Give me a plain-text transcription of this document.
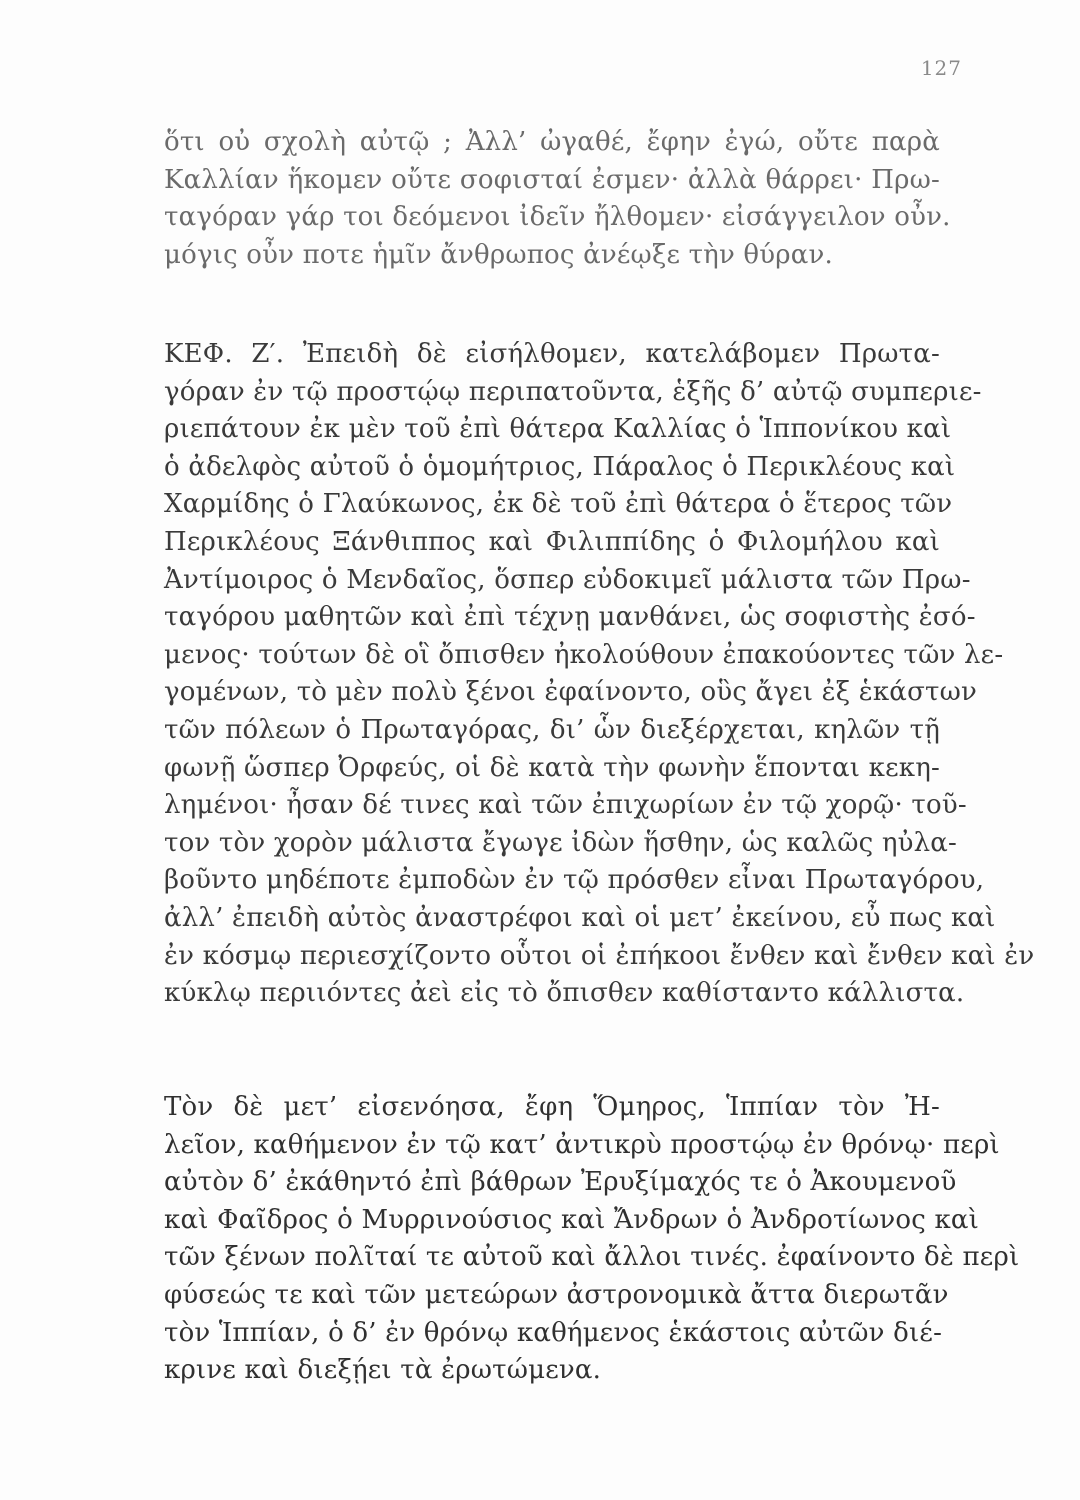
127
ὅτι οὐ σχολὴ αὐτῷ ; Ἀλλ’ ὠγαθέ, ἔφην ἐγώ, οὔτε παρὰ
Καλλίαν ἥκομεν οὔτε σοφισταί ἐσμεν· ἀλλὰ θάρρει· Πρω-
ταγόραν γάρ τοι δεόμενοι ἰδεῖν ἤλθομεν· εἰσάγγειλον οὖν.
μόγις οὖν ποτε ἡμῖν ἄνθρωπος ἀνέῳξε τὴν θύραν.
ΚΕΦ. Ζ′. Ἐπειδὴ δὲ εἰσήλθομεν, κατελάβομεν Πρωτα-
γόραν ἐν τῷ προστῴῳ περιπατοῦντα, ἑξῆς δ’ αὐτῷ συμπεριε-
ριεπάτουν ἐκ μὲν τοῦ ἐπὶ θάτερα Καλλίας ὁ Ἱππονίκου καὶ
ὁ ἀδελφὸς αὐτοῦ ὁ ὁμομήτριος, Πάραλος ὁ Περικλέους καὶ
Χαρμίδης ὁ Γλαύκωνος, ἐκ δὲ τοῦ ἐπὶ θάτερα ὁ ἕτερος τῶν
Περικλέους Ξάνθιππος καὶ Φιλιππίδης ὁ Φιλομήλου καὶ
Ἀντίμοιρος ὁ Μενδαῖος, ὅσπερ εὐδοκιμεῖ μάλιστα τῶν Πρω-
ταγόρου μαθητῶν καὶ ἐπὶ τέχνῃ μανθάνει, ὡς σοφιστὴς ἐσό-
μενος· τούτων δὲ οἳ ὄπισθεν ἠκολούθουν ἐπακούοντες τῶν λε-
γομένων, τὸ μὲν πολὺ ξένοι ἐφαίνοντο, οὓς ἄγει ἐξ ἑκάστων
τῶν πόλεων ὁ Πρωταγόρας, δι’ ὧν διεξέρχεται, κηλῶν τῇ
φωνῇ ὥσπερ Ὀρφεύς, οἱ δὲ κατὰ τὴν φωνὴν ἕπονται κεκη-
λημένοι· ἦσαν δέ τινες καὶ τῶν ἐπιχωρίων ἐν τῷ χορῷ· τοῦ-
τον τὸν χορὸν μάλιστα ἔγωγε ἰδὼν ἥσθην, ὡς καλῶς ηὐλα-
βοῦντο μηδέποτε ἐμποδὼν ἐν τῷ πρόσθεν εἶναι Πρωταγόρου,
ἀλλ’ ἐπειδὴ αὐτὸς ἀναστρέφοι καὶ οἱ μετ’ ἐκείνου, εὖ πως καὶ
ἐν κόσμῳ περιεσχίζοντο οὗτοι οἱ ἐπήκοοι ἔνθεν καὶ ἔνθεν καὶ ἐν
κύκλῳ περιιόντες ἀεὶ εἰς τὸ ὄπισθεν καθίσταντο κάλλιστα.
Τὸν δὲ μετ’ εἰσενόησα, ἔφη Ὅμηρος, Ἱππίαν τὸν Ἠ-
λεῖον, καθήμενον ἐν τῷ κατ’ ἀντικρὺ προστῴῳ ἐν θρόνῳ· περὶ
αὐτὸν δ’ ἐκάθηντό ἐπὶ βάθρων Ἐρυξίμαχός τε ὁ Ἀκουμενοῦ
καὶ Φαῖδρος ὁ Μυρρινούσιος καὶ Ἄνδρων ὁ Ἀνδροτίωνος καὶ
τῶν ξένων πολῖταί τε αὐτοῦ καὶ ἄλλοι τινές. ἐφαίνοντο δὲ περὶ
φύσεώς τε καὶ τῶν μετεώρων ἀστρονομικὰ ἄττα διερωτᾶν
τὸν Ἱππίαν, ὁ δ’ ἐν θρόνῳ καθήμενος ἑκάστοις αὐτῶν διέ-
κρινε καὶ διεξῄει τὰ ἐρωτώμενα.
